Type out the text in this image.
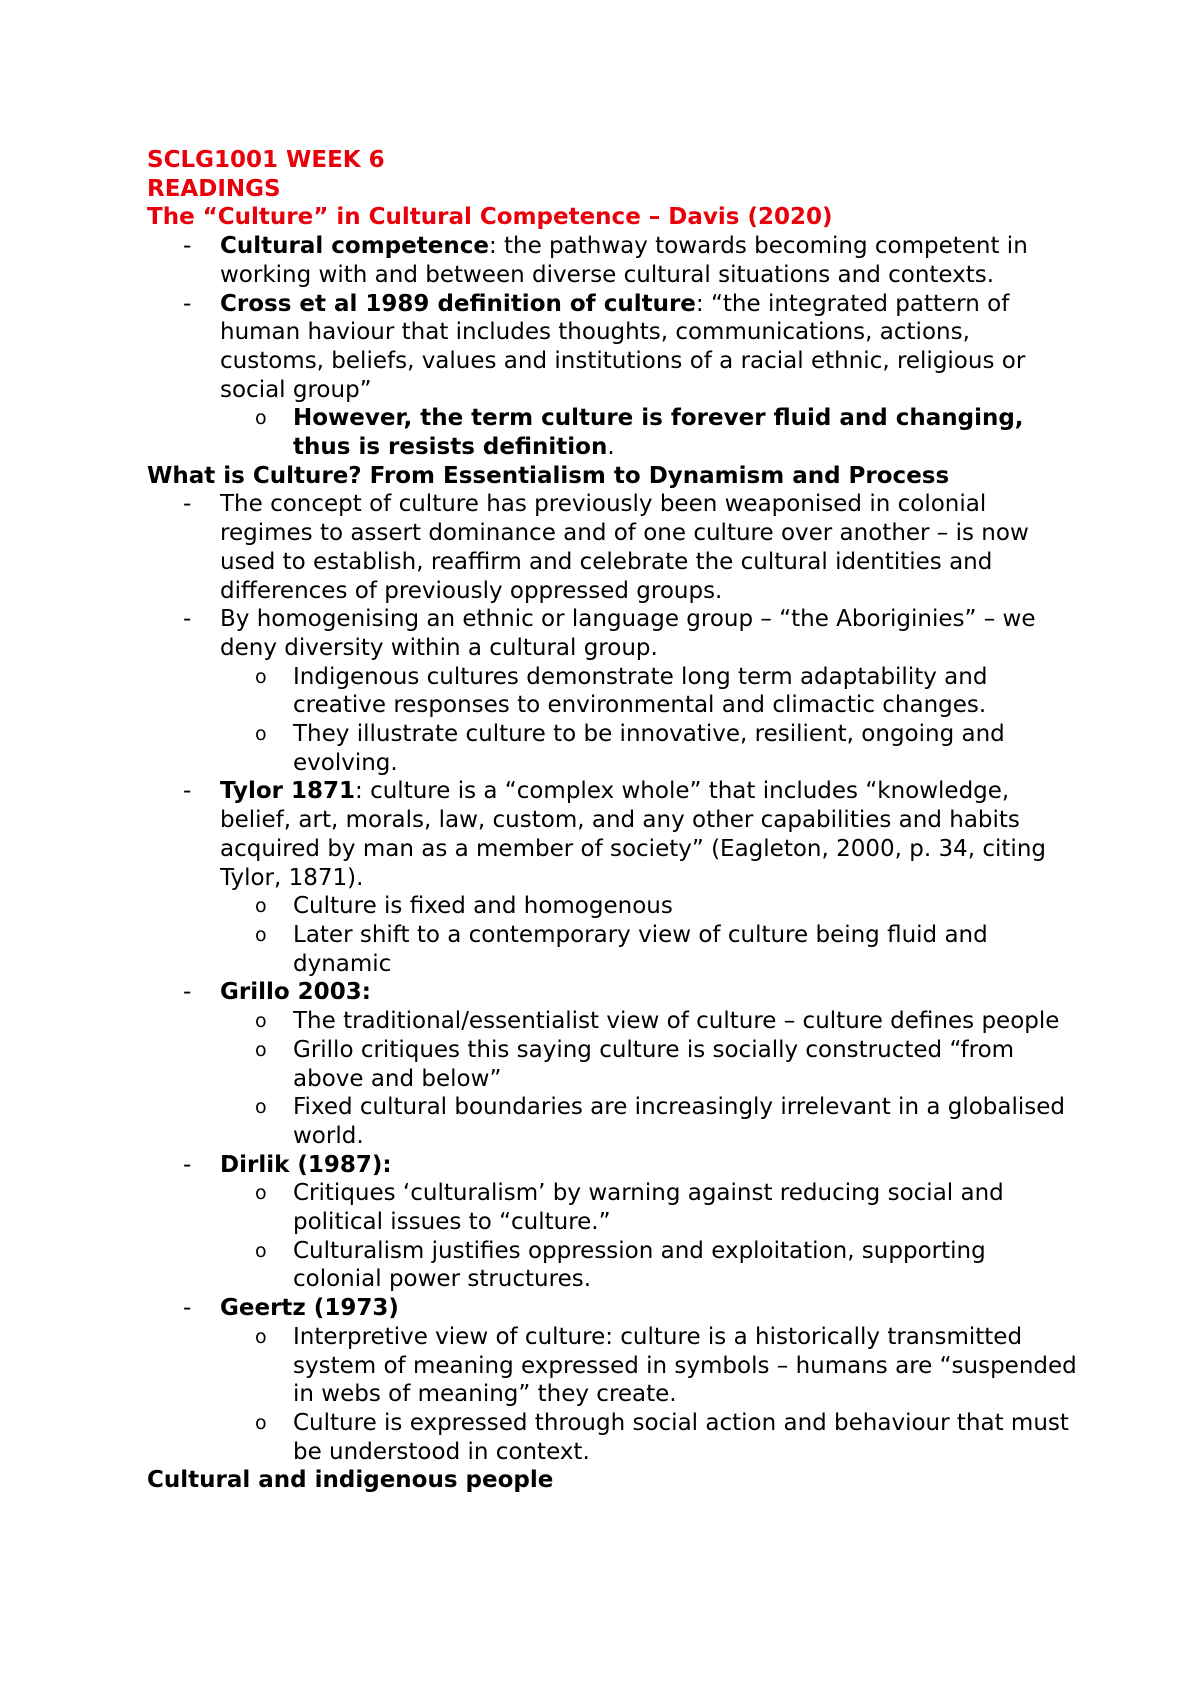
SCLG1001 WEEK 6
READINGS
The “Culture” in Cultural Competence – Davis (2020)
- Cultural competence: the pathway towards becoming competent in working with and between diverse cultural situations and contexts.
- Cross et al 1989 definition of culture: “the integrated pattern of human haviour that includes thoughts, communications, actions, customs, beliefs, values and institutions of a racial ethnic, religious or social group”
o However, the term culture is forever fluid and changing, thus is resists definition.
What is Culture? From Essentialism to Dynamism and Process
- The concept of culture has previously been weaponised in colonial regimes to assert dominance and of one culture over another – is now used to establish, reaffirm and celebrate the cultural identities and differences of previously oppressed groups.
- By homogenising an ethnic or language group – “the Aboriginies” – we deny diversity within a cultural group.
o Indigenous cultures demonstrate long term adaptability and creative responses to environmental and climactic changes.
o They illustrate culture to be innovative, resilient, ongoing and evolving.
- Tylor 1871: culture is a “complex whole” that includes “knowledge, belief, art, morals, law, custom, and any other capabilities and habits acquired by man as a member of society” (Eagleton, 2000, p. 34, citing Tylor, 1871).
o Culture is fixed and homogenous
o Later shift to a contemporary view of culture being fluid and dynamic
- Grillo 2003:
o The traditional/essentialist view of culture – culture defines people
o Grillo critiques this saying culture is socially constructed “from above and below”
o Fixed cultural boundaries are increasingly irrelevant in a globalised world.
- Dirlik (1987):
o Critiques ‘culturalism’ by warning against reducing social and political issues to “culture.”
o Culturalism justifies oppression and exploitation, supporting colonial power structures.
- Geertz (1973)
o Interpretive view of culture: culture is a historically transmitted system of meaning expressed in symbols – humans are “suspended in webs of meaning” they create.
o Culture is expressed through social action and behaviour that must be understood in context.
Cultural and indigenous people
